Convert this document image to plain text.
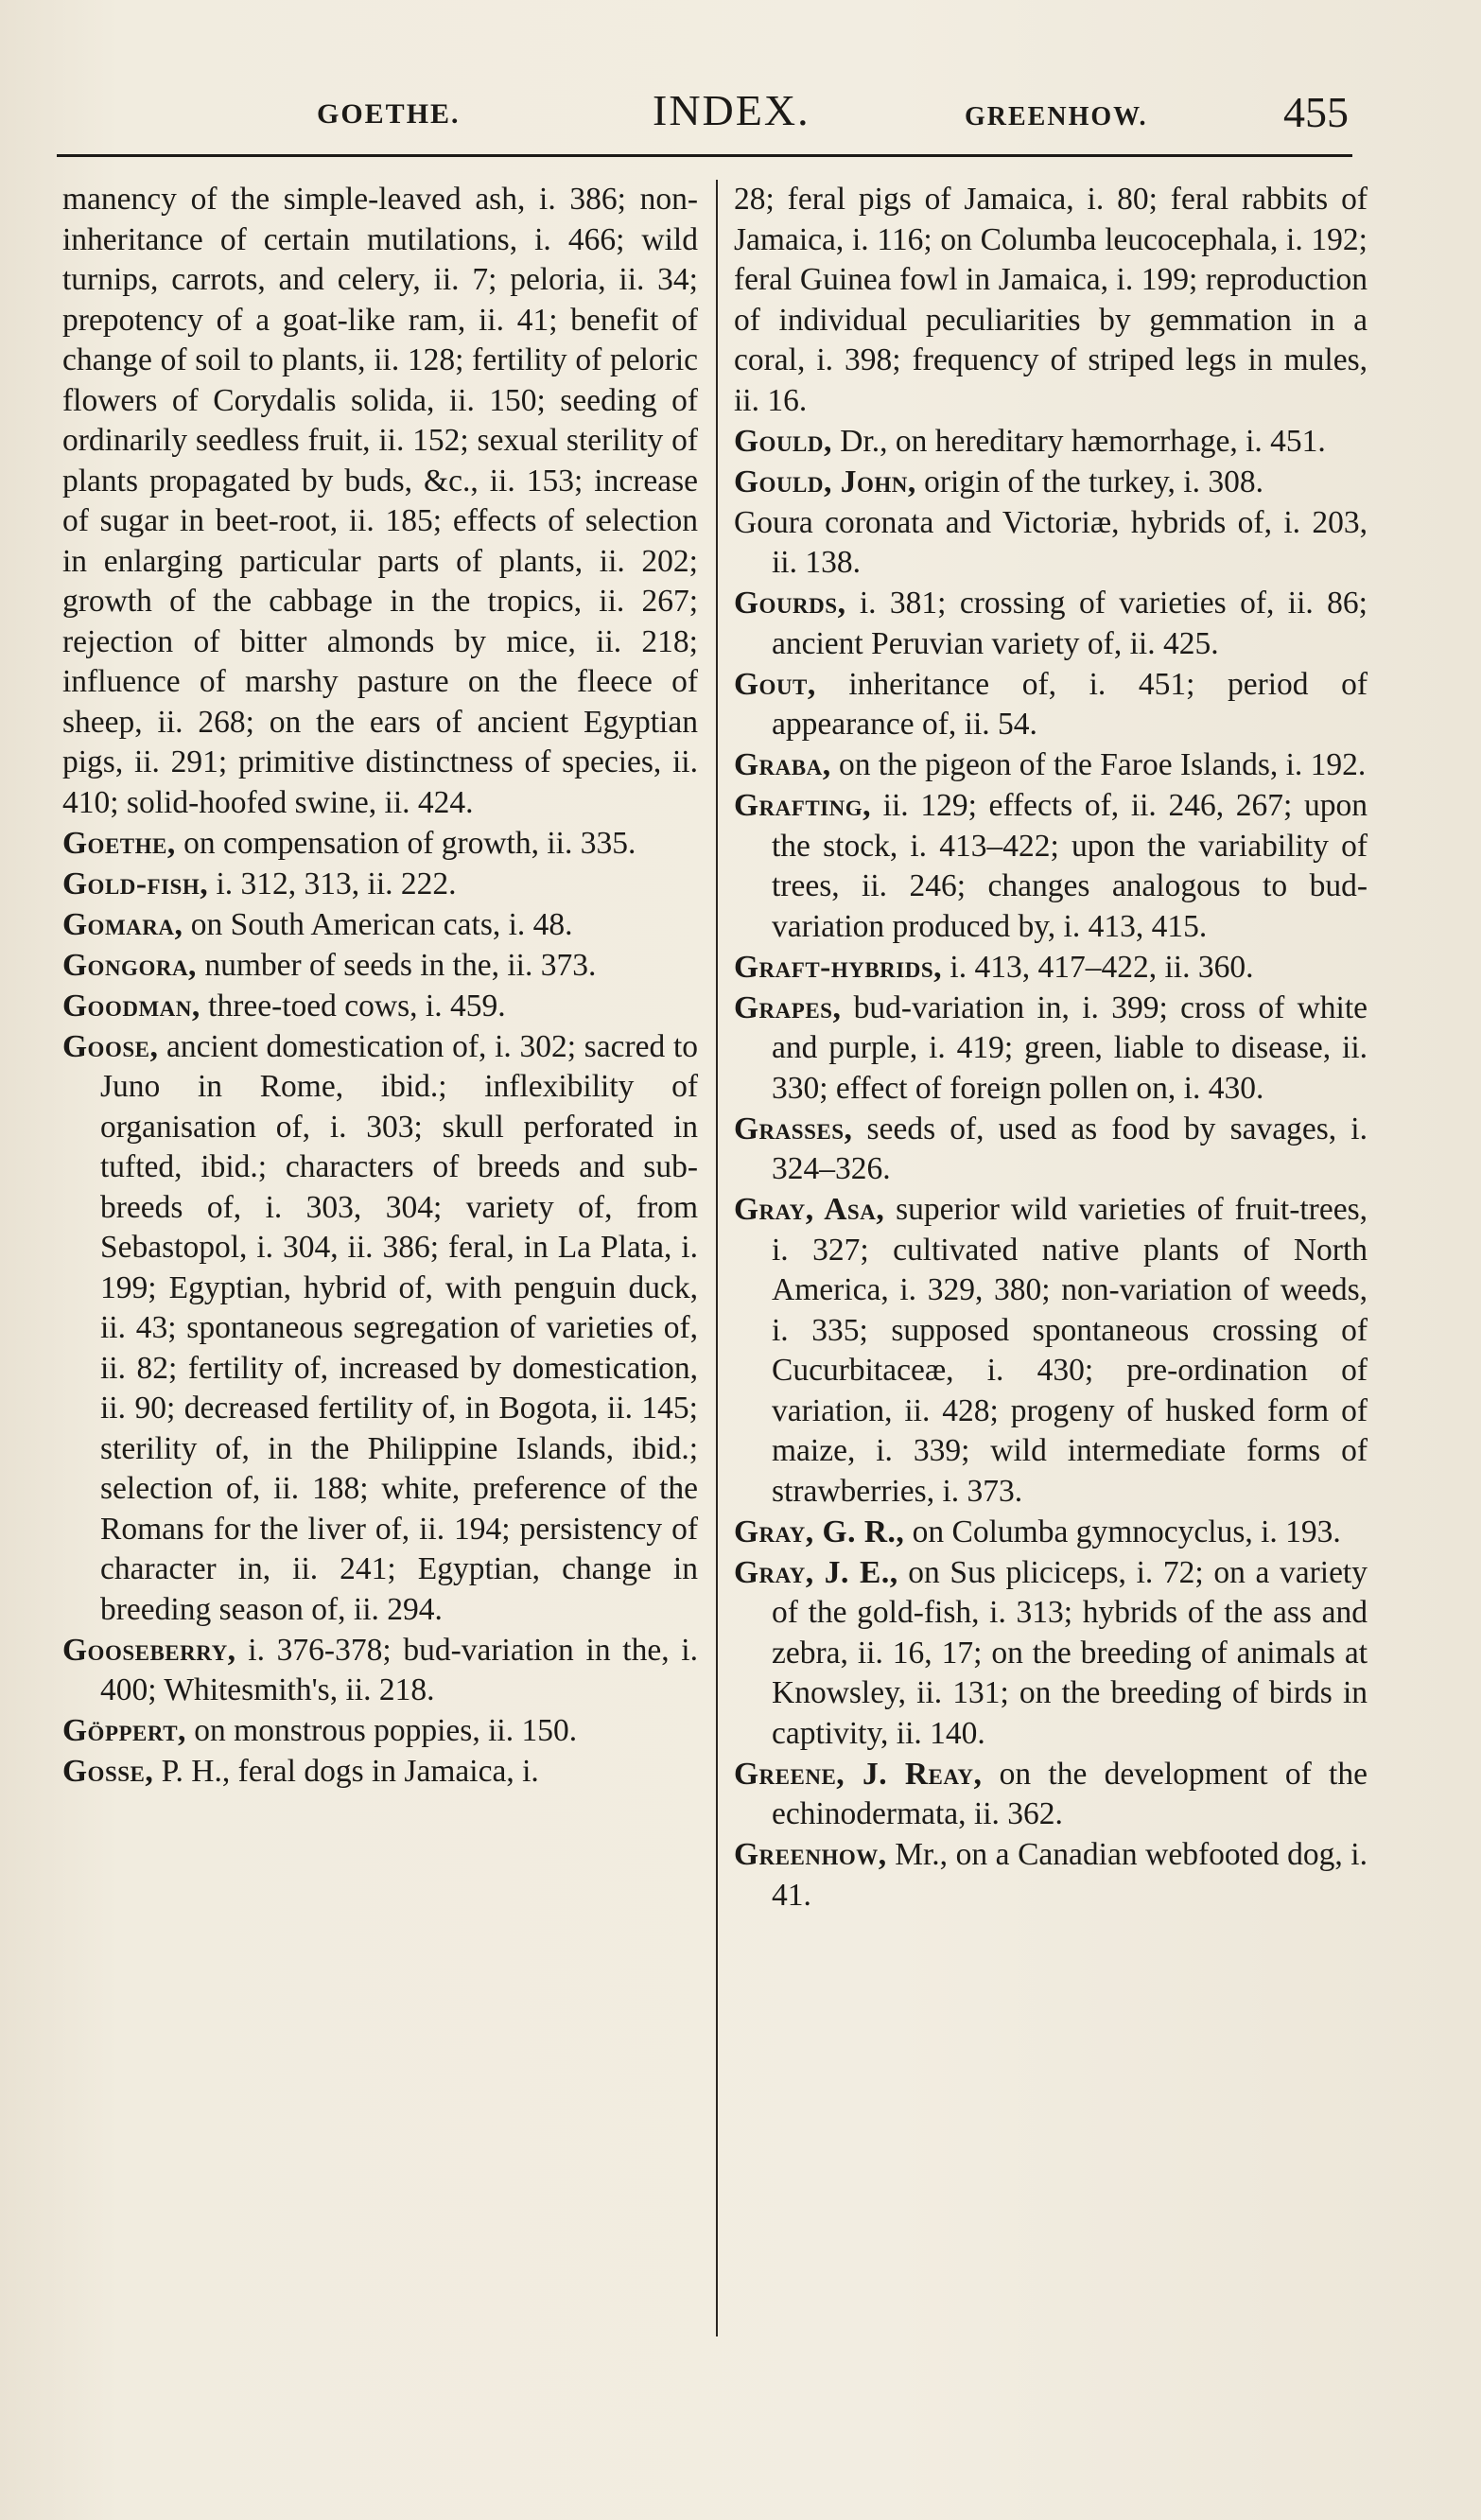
GOETHE.	INDEX.	GREENHOW.	455

manency of the simple-leaved ash, i. 386; non-inheritance of certain mutilations, i. 466; wild turnips, carrots, and celery, ii. 7; peloria, ii. 34; prepotency of a goat-like ram, ii. 41; benefit of change of soil to plants, ii. 128; fertility of peloric flowers of Corydalis solida, ii. 150; seeding of ordinarily seedless fruit, ii. 152; sexual sterility of plants propagated by buds, &c., ii. 153; increase of sugar in beet-root, ii. 185; effects of selection in enlarging particular parts of plants, ii. 202; growth of the cabbage in the tropics, ii. 267; rejection of bitter almonds by mice, ii. 218; influence of marshy pasture on the fleece of sheep, ii. 268; on the ears of ancient Egyptian pigs, ii. 291; primitive distinctness of species, ii. 410; solid-hoofed swine, ii. 424.

Goethe, on compensation of growth, ii. 335.

Gold-fish, i. 312, 313, ii. 222.

Gomara, on South American cats, i. 48.

Gongora, number of seeds in the, ii. 373.

Goodman, three-toed cows, i. 459.

Goose, ancient domestication of, i. 302; sacred to Juno in Rome, ibid.; inflexibility of organisation of, i. 303; skull perforated in tufted, ibid.; characters of breeds and sub-breeds of, i. 303, 304; variety of, from Sebastopol, i. 304, ii. 386; feral, in La Plata, i. 199; Egyptian, hybrid of, with penguin duck, ii. 43; spontaneous segregation of varieties of, ii. 82; fertility of, increased by domestication, ii. 90; decreased fertility of, in Bogota, ii. 145; sterility of, in the Philippine Islands, ibid.; selection of, ii. 188; white, preference of the Romans for the liver of, ii. 194; persistency of character in, ii. 241; Egyptian, change in breeding season of, ii. 294.

Gooseberry, i. 376-378; bud-variation in the, i. 400; Whitesmith's, ii. 218.

Göppert, on monstrous poppies, ii. 150.

Gosse, P. H., feral dogs in Jamaica, i.

28; feral pigs of Jamaica, i. 80; feral rabbits of Jamaica, i. 116; on Columba leucocephala, i. 192; feral Guinea fowl in Jamaica, i. 199; reproduction of individual peculiarities by gemmation in a coral, i. 398; frequency of striped legs in mules, ii. 16.

Gould, Dr., on hereditary hæmorrhage, i. 451.

Gould, John, origin of the turkey, i. 308.

Goura coronata and Victoriæ, hybrids of, i. 203, ii. 138.

Gourds, i. 381; crossing of varieties of, ii. 86; ancient Peruvian variety of, ii. 425.

Gout, inheritance of, i. 451; period of appearance of, ii. 54.

Graba, on the pigeon of the Faroe Islands, i. 192.

Grafting, ii. 129; effects of, ii. 246, 267; upon the stock, i. 413–422; upon the variability of trees, ii. 246; changes analogous to bud-variation produced by, i. 413, 415.

Graft-hybrids, i. 413, 417–422, ii. 360.

Grapes, bud-variation in, i. 399; cross of white and purple, i. 419; green, liable to disease, ii. 330; effect of foreign pollen on, i. 430.

Grasses, seeds of, used as food by savages, i. 324–326.

Gray, Asa, superior wild varieties of fruit-trees, i. 327; cultivated native plants of North America, i. 329, 380; non-variation of weeds, i. 335; supposed spontaneous crossing of Cucurbitaceæ, i. 430; pre-ordination of variation, ii. 428; progeny of husked form of maize, i. 339; wild intermediate forms of strawberries, i. 373.

Gray, G. R., on Columba gymnocyclus, i. 193.

Gray, J. E., on Sus pliciceps, i. 72; on a variety of the gold-fish, i. 313; hybrids of the ass and zebra, ii. 16, 17; on the breeding of animals at Knowsley, ii. 131; on the breeding of birds in captivity, ii. 140.

Greene, J. Reay, on the development of the echinodermata, ii. 362.

Greenhow, Mr., on a Canadian webfooted dog, i. 41.
